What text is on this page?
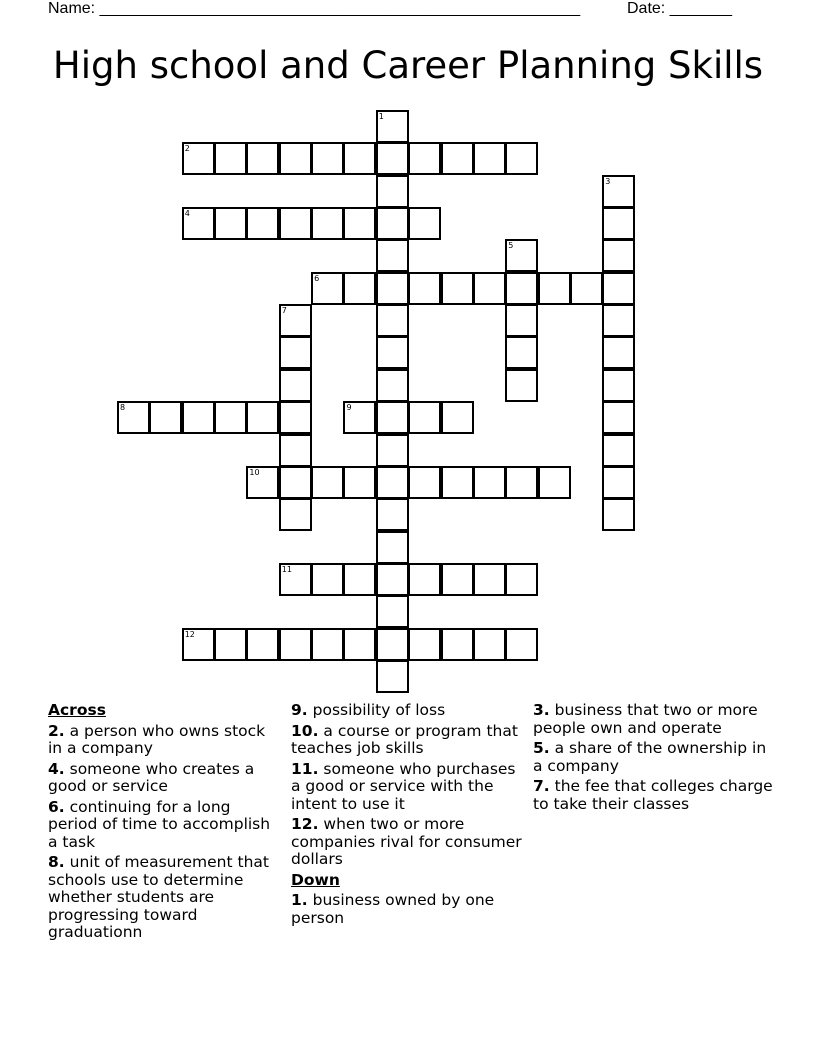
Name: ______________________________________________________	Date: _______
High school and Career Planning Skills
1
2
3
4
5
6
7
8	9
10
11
12
Across
2. a person who owns stock in a company
4. someone who creates a good or service
6. continuing for a long period of time to accomplish a task
8. unit of measurement that schools use to determine whether students are progressing toward graduationn
9. possibility of loss
10. a course or program that teaches job skills
11. someone who purchases a good or service with the intent to use it
12. when two or more companies rival for consumer dollars
Down
1. business owned by one person
3. business that two or more people own and operate
5. a share of the ownership in a company
7. the fee that colleges charge to take their classes
